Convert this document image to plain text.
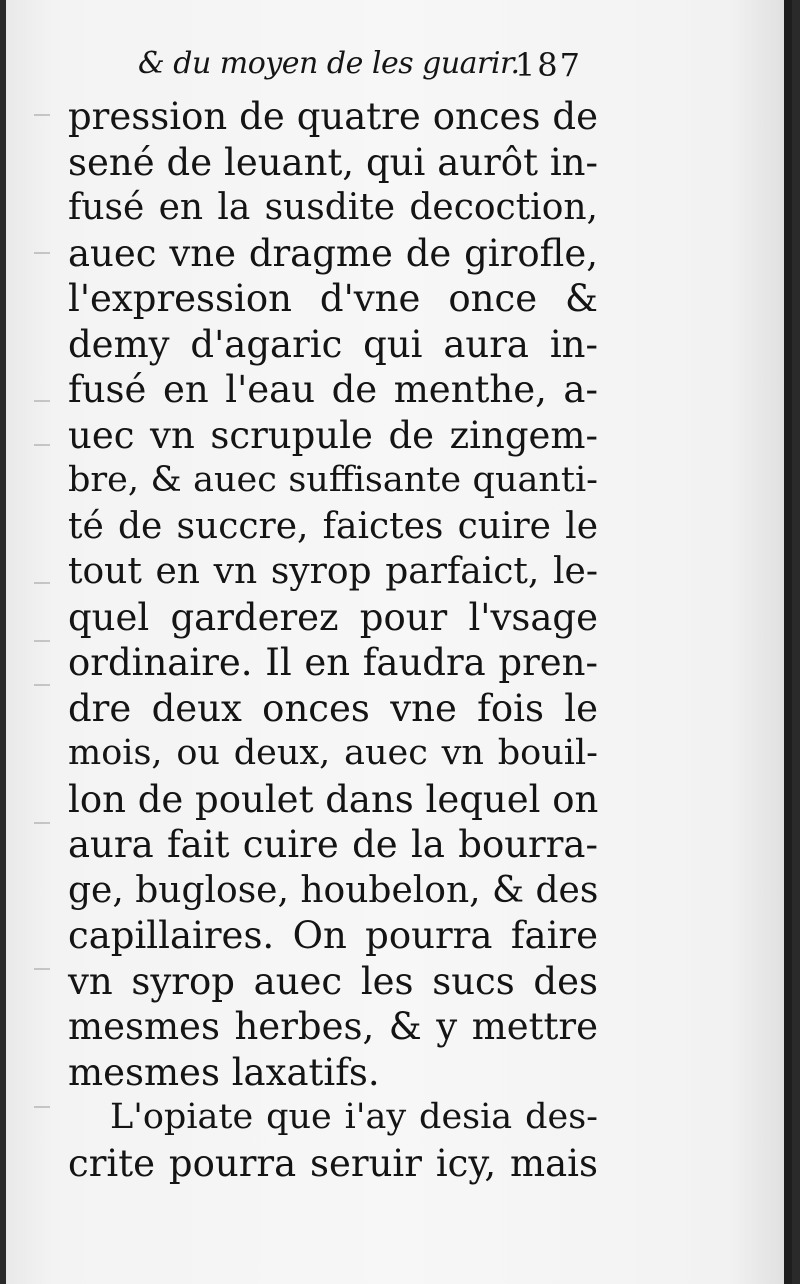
& du moyen de les guarir.
187
pression de quatre onces de
sené de leuant, qui aurôt in-
fusé en la susdite decoction,
auec vne dragme de girofle,
l'expression d'vne once &
demy d'agaric qui aura in-
fusé en l'eau de menthe, a-
uec vn scrupule de zingem-
bre, & auec suffisante quanti-
té de succre, faictes cuire le
tout en vn syrop parfaict, le-
quel garderez pour l'vsage
ordinaire. Il en faudra pren-
dre deux onces vne fois le
mois, ou deux, auec vn bouil-
lon de poulet dans lequel on
aura fait cuire de la bourra-
ge, buglose, houbelon, & des
capillaires. On pourra faire
vn syrop auec les sucs des
mesmes herbes, & y mettre
mesmes laxatifs.
L'opiate que i'ay desia des-
crite pourra seruir icy, mais
